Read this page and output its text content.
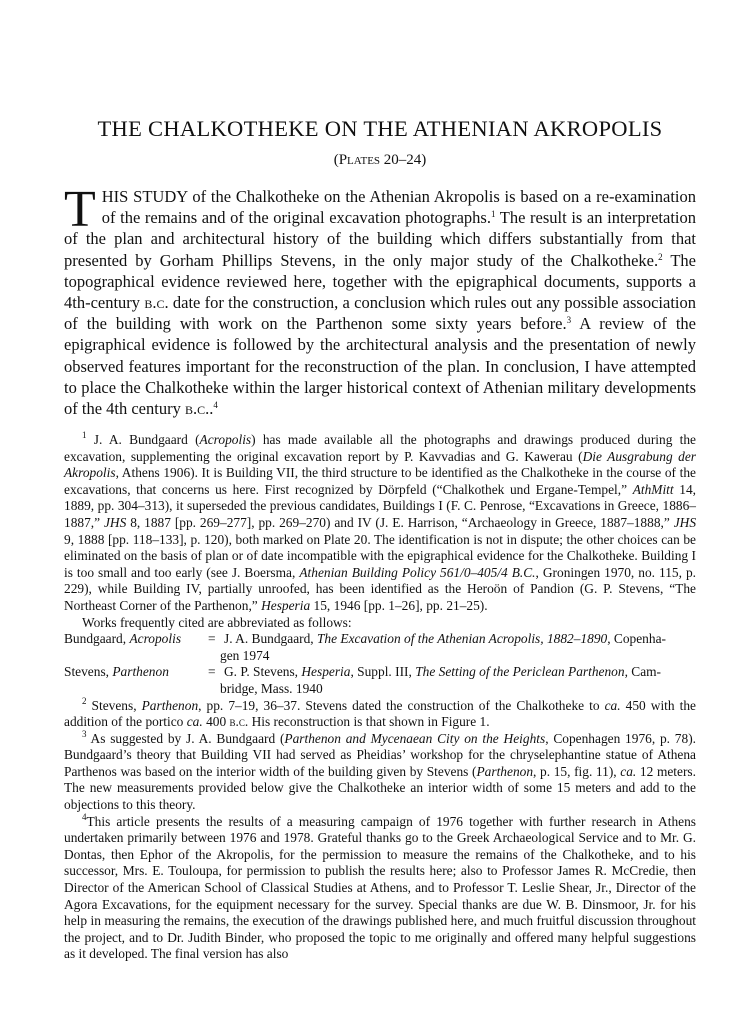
THE CHALKOTHEKE ON THE ATHENIAN AKROPOLIS
(Plates 20–24)

THIS STUDY of the Chalkotheke on the Athenian Akropolis is based on a re-examination of the remains and of the original excavation photographs.$^1$ The result is an interpretation of the plan and architectural history of the building which differs substantially from that presented by Gorham Phillips Stevens, in the only major study of the Chalkotheke.$^2$ The topographical evidence reviewed here, together with the epigraphical documents, supports a 4th-century b.c. date for the construction, a conclusion which rules out any possible association of the building with work on the Parthenon some sixty years before.$^3$ A review of the epigraphical evidence is followed by the architectural analysis and the presentation of newly observed features important for the reconstruction of the plan. In conclusion, I have attempted to place the Chalkotheke within the larger historical context of Athenian military developments of the 4th century b.c..$^4$

$^1$ J. A. Bundgaard (Acropolis) has made available all the photographs and drawings produced during the excavation, supplementing the original excavation report by P. Kavvadias and G. Kawerau (Die Ausgrabung der Akropolis, Athens 1906). It is Building VII, the third structure to be identified as the Chalkotheke in the course of the excavations, that concerns us here. First recognized by Dörpfeld (“Chalkothek und Ergane-Tempel,” AthMitt 14, 1889, pp. 304–313), it superseded the previous candidates, Buildings I (F. C. Penrose, “Excavations in Greece, 1886–1887,” JHS 8, 1887 [pp. 269–277], pp. 269–270) and IV (J. E. Harrison, “Archaeology in Greece, 1887–1888,” JHS 9, 1888 [pp. 118–133], p. 120), both marked on Plate 20. The identification is not in dispute; the other choices can be eliminated on the basis of plan or of date incompatible with the epigraphical evidence for the Chalkotheke. Building I is too small and too early (see J. Boersma, Athenian Building Policy 561/0–405/4 B.C., Groningen 1970, no. 115, p. 229), while Building IV, partially unroofed, has been identified as the Heroön of Pandion (G. P. Stevens, “The Northeast Corner of the Parthenon,” Hesperia 15, 1946 [pp. 1–26], pp. 21–25).

Works frequently cited are abbreviated as follows:

Bundgaard, Acropolis	= J. A. Bundgaard, The Excavation of the Athenian Acropolis, 1882–1890, Copenha-
gen 1974
Stevens, Parthenon	= G. P. Stevens, Hesperia, Suppl. III, The Setting of the Periclean Parthenon, Cam-
bridge, Mass. 1940

$^2$ Stevens, Parthenon, pp. 7–19, 36–37. Stevens dated the construction of the Chalkotheke to ca. 450 with the addition of the portico ca. 400 b.c. His reconstruction is that shown in Figure 1.

$^3$ As suggested by J. A. Bundgaard (Parthenon and Mycenaean City on the Heights, Copenhagen 1976, p. 78). Bundgaard’s theory that Building VII had served as Pheidias’ workshop for the chryselephantine statue of Athena Parthenos was based on the interior width of the building given by Stevens (Parthenon, p. 15, fig. 11), ca. 12 meters. The new measurements provided below give the Chalkotheke an interior width of some 15 meters and add to the objections to this theory.

$^4$This article presents the results of a measuring campaign of 1976 together with further research in Athens undertaken primarily between 1976 and 1978. Grateful thanks go to the Greek Archaeological Service and to Mr. G. Dontas, then Ephor of the Akropolis, for the permission to measure the remains of the Chalkotheke, and to his successor, Mrs. E. Touloupa, for permission to publish the results here; also to Professor James R. McCredie, then Director of the American School of Classical Studies at Athens, and to Professor T. Leslie Shear, Jr., Director of the Agora Excavations, for the equipment necessary for the survey. Special thanks are due W. B. Dinsmoor, Jr. for his help in measuring the remains, the execution of the drawings published here, and much fruitful discussion throughout the project, and to Dr. Judith Binder, who proposed the topic to me originally and offered many helpful suggestions as it developed. The final version has also
